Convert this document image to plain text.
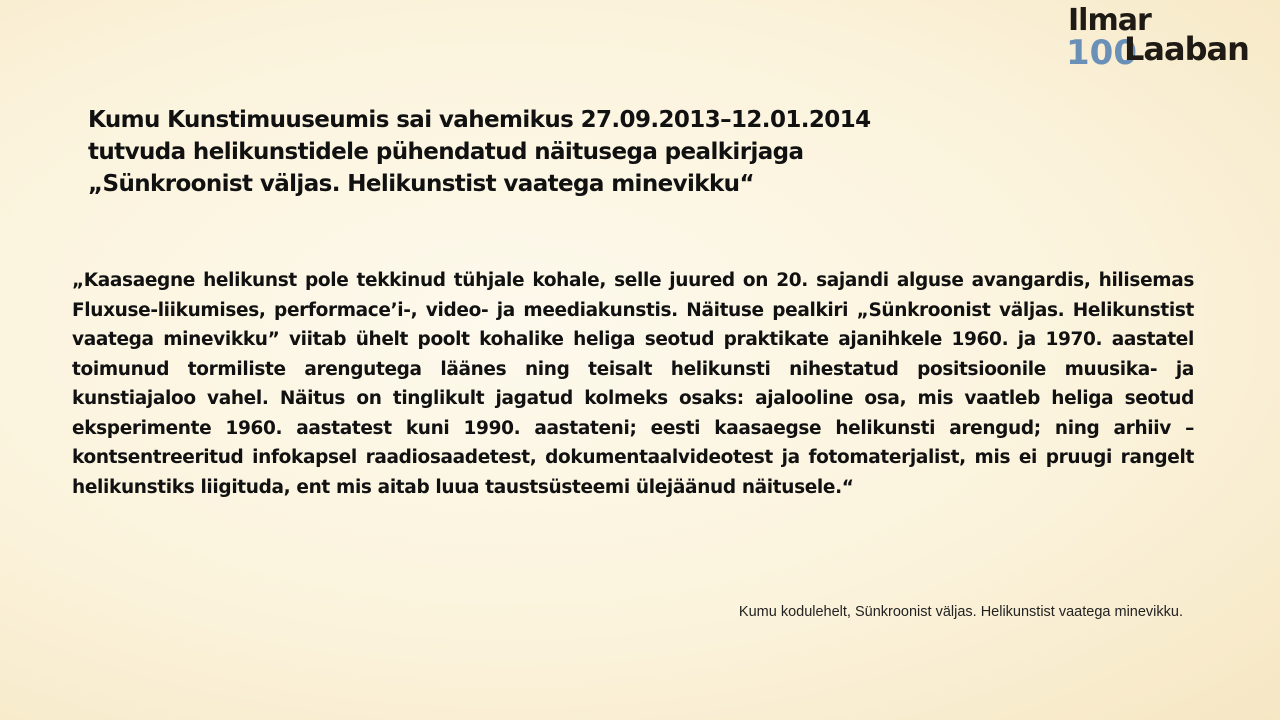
100
Ilmar
Laaban
Kumu Kunstimuuseumis sai vahemikus 27.09.2013–12.01.2014
tutvuda helikunstidele pühendatud näitusega pealkirjaga
„Sünkroonist väljas. Helikunstist vaatega minevikku“

„Kaasaegne helikunst pole tekkinud tühjale kohale, selle juured on 20. sajandi alguse avangardis, hilisemas Fluxuse-liikumises, performace’i-, video- ja meediakunstis. Näituse pealkiri „Sünkroonist väljas. Helikunstist vaatega minevikku” viitab ühelt poolt kohalike heliga seotud praktikate ajanihkele 1960. ja 1970. aastatel toimunud tormiliste arengutega läänes ning teisalt helikunsti nihestatud positsioonile muusika- ja kunstiajaloo vahel. Näitus on tinglikult jagatud kolmeks osaks: ajalooline osa, mis vaatleb heliga seotud eksperimente 1960. aastatest kuni 1990. aastateni; eesti kaasaegse helikunsti arengud; ning arhiiv – kontsentreeritud infokapsel raadiosaadetest, dokumentaalvideotest ja fotomaterjalist, mis ei pruugi rangelt helikunstiks liigituda, ent mis aitab luua taustsüsteemi ülejäänud näitusele.“

Kumu kodulehelt, Sünkroonist väljas. Helikunstist vaatega minevikku.
